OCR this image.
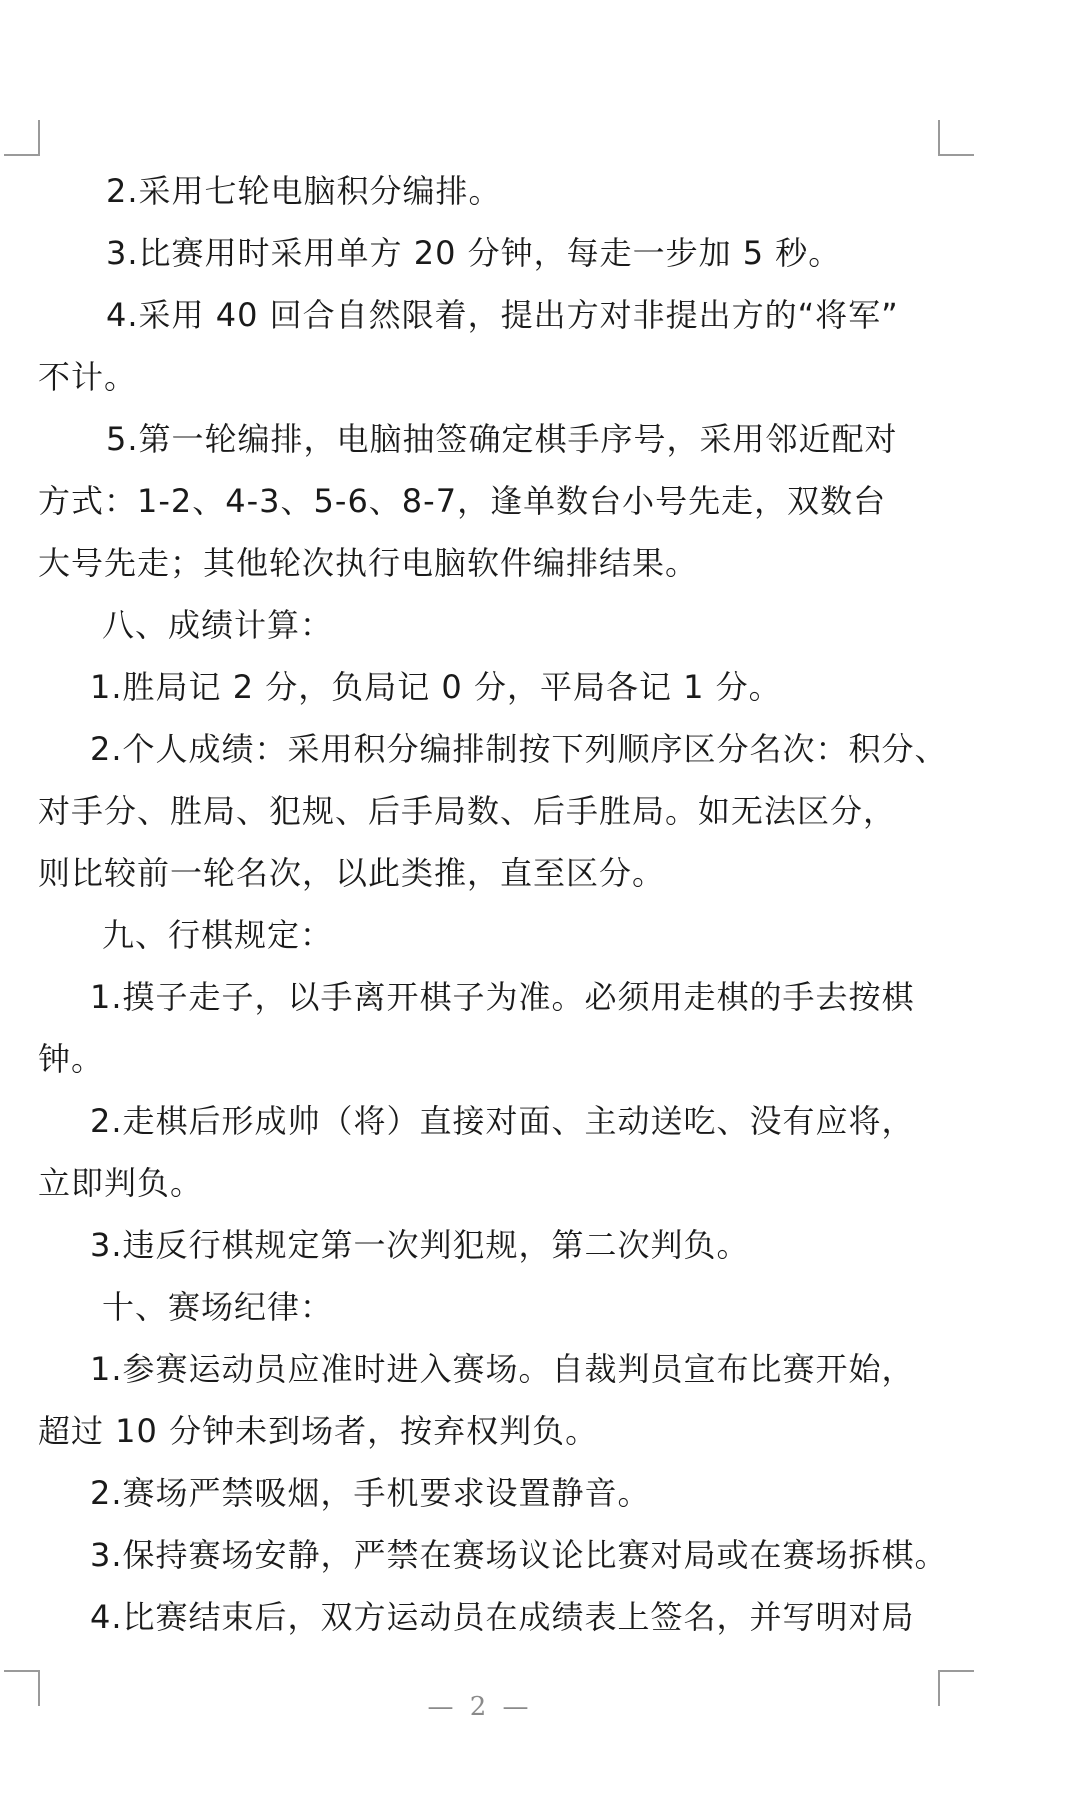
2.采用七轮电脑积分编排。
3.比赛用时采用单方 20 分钟，每走一步加 5 秒。
4.采用 40 回合自然限着，提出方对非提出方的“将军”
不计。
5.第一轮编排，电脑抽签确定棋手序号，采用邻近配对
方式：1-2、4-3、5-6、8-7，逢单数台小号先走，双数台
大号先走；其他轮次执行电脑软件编排结果。
八、成绩计算：
1.胜局记 2 分，负局记 0 分，平局各记 1 分。
2.个人成绩：采用积分编排制按下列顺序区分名次：积分、
对手分、胜局、犯规、后手局数、后手胜局。如无法区分，
则比较前一轮名次，以此类推，直至区分。
九、行棋规定：
1.摸子走子，以手离开棋子为准。必须用走棋的手去按棋
钟。
2.走棋后形成帅（将）直接对面、主动送吃、没有应将，
立即判负。
3.违反行棋规定第一次判犯规，第二次判负。
十、赛场纪律：
1.参赛运动员应准时进入赛场。自裁判员宣布比赛开始，
超过 10 分钟未到场者，按弃权判负。
2.赛场严禁吸烟，手机要求设置静音。
3.保持赛场安静，严禁在赛场议论比赛对局或在赛场拆棋。
4.比赛结束后，双方运动员在成绩表上签名，并写明对局
— 2 —
